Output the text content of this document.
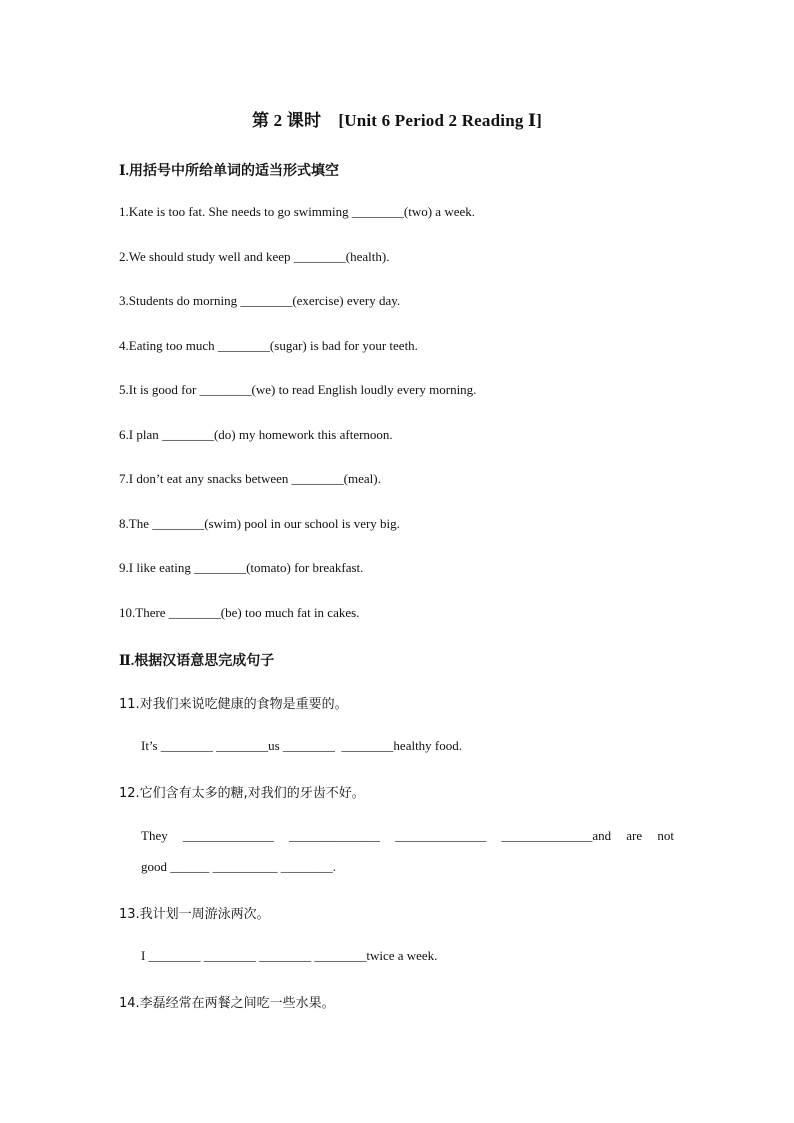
第 2 课时　[Unit 6 Period 2 Reading Ⅰ]
Ⅰ.用括号中所给单词的适当形式填空
1.Kate is too fat. She needs to go swimming ________(two) a week.
2.We should study well and keep ________(health).
3.Students do morning ________(exercise) every day.
4.Eating too much ________(sugar) is bad for your teeth.
5.It is good for ________(we) to read English loudly every morning.
6.I plan ________(do) my homework this afternoon.
7.I don’t eat any snacks between ________(meal).
8.The ________(swim) pool in our school is very big.
9.I like eating ________(tomato) for breakfast.
10.There ________(be) too much fat in cakes.
Ⅱ.根据汉语意思完成句子
11.对我们来说吃健康的食物是重要的。
It’s ________ ________us ________  ________healthy food.
12.它们含有太多的糖,对我们的牙齿不好。
They ______________ ______________ ______________ ______________and are not
good ______ __________ ________.
13.我计划一周游泳两次。
I ________ ________ ________ ________twice a week.
14.李磊经常在两餐之间吃一些水果。
